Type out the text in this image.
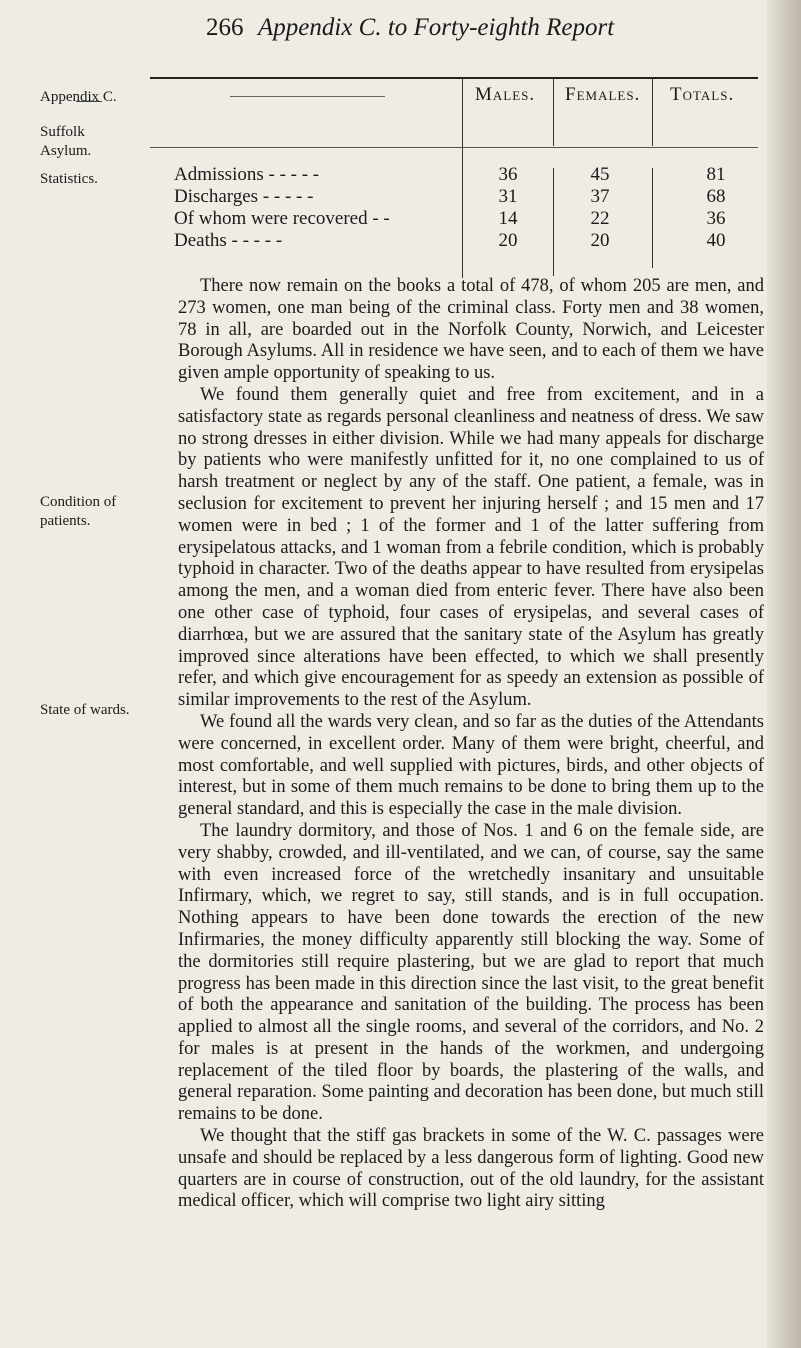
266 Appendix C. to Forty-eighth Report
Appendix C.
Suffolk
Asylum.
Statistics.
Condition of
patients.
State of wards.
Males. Females. Totals.
Admissions - - - - -	36	45	81
Discharges - - - - -	31	37	68
Of whom were recovered - -	14	22	36
Deaths - - - - -	20	20	40

There now remain on the books a total of 478, of whom 205 are men, and 273 women, one man being of the criminal class. Forty men and 38 women, 78 in all, are boarded out in the Norfolk County, Norwich, and Leicester Borough Asylums. All in residence we have seen, and to each of them we have given ample opportunity of speaking to us.

We found them generally quiet and free from excitement, and in a satisfactory state as regards personal cleanliness and neatness of dress. We saw no strong dresses in either division. While we had many appeals for discharge by patients who were manifestly unfitted for it, no one complained to us of harsh treatment or neglect by any of the staff. One patient, a female, was in seclusion for excitement to prevent her injuring herself ; and 15 men and 17 women were in bed ; 1 of the former and 1 of the latter suffering from erysipelatous attacks, and 1 woman from a febrile condition, which is probably typhoid in character. Two of the deaths appear to have resulted from erysipelas among the men, and a woman died from enteric fever. There have also been one other case of typhoid, four cases of erysipelas, and several cases of diarrhœa, but we are assured that the sanitary state of the Asylum has greatly improved since alterations have been effected, to which we shall presently refer, and which give encouragement for as speedy an extension as possible of similar improvements to the rest of the Asylum.

We found all the wards very clean, and so far as the duties of the Attendants were concerned, in excellent order. Many of them were bright, cheerful, and most comfortable, and well supplied with pictures, birds, and other objects of interest, but in some of them much remains to be done to bring them up to the general standard, and this is especially the case in the male division.

The laundry dormitory, and those of Nos. 1 and 6 on the female side, are very shabby, crowded, and ill-ventilated, and we can, of course, say the same with even increased force of the wretchedly insanitary and unsuitable Infirmary, which, we regret to say, still stands, and is in full occupation. Nothing appears to have been done towards the erection of the new Infirmaries, the money difficulty apparently still blocking the way. Some of the dormitories still require plastering, but we are glad to report that much progress has been made in this direction since the last visit, to the great benefit of both the appearance and sanitation of the building. The process has been applied to almost all the single rooms, and several of the corridors, and No. 2 for males is at present in the hands of the workmen, and undergoing replacement of the tiled floor by boards, the plastering of the walls, and general reparation. Some painting and decoration has been done, but much still remains to be done.

We thought that the stiff gas brackets in some of the W. C. passages were unsafe and should be replaced by a less dangerous form of lighting. Good new quarters are in course of construction, out of the old laundry, for the assistant medical officer, which will comprise two light airy sitting
